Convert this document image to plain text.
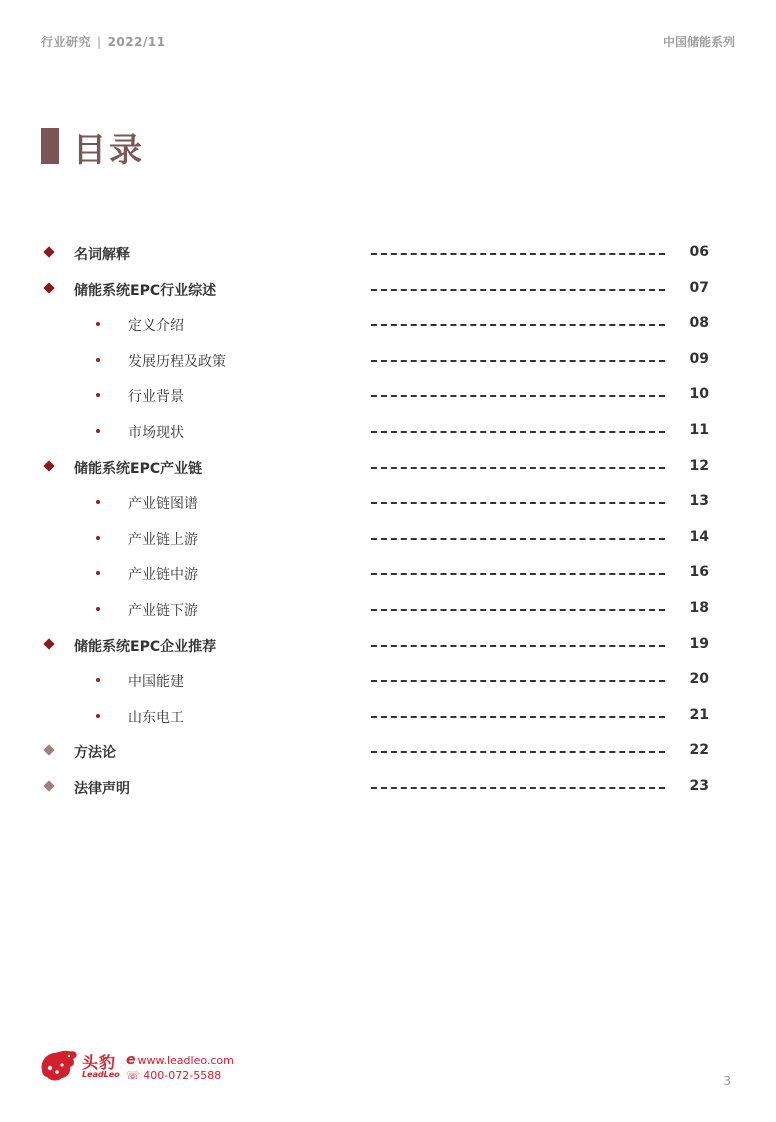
行业研究 | 2022/11	中国储能系列
目录
名词解释	06
储能系统EPC行业综述	07
定义介绍	08
发展历程及政策	09
行业背景	10
市场现状	11
储能系统EPC产业链	12
产业链图谱	13
产业链上游	14
产业链中游	16
产业链下游	18
储能系统EPC企业推荐	19
中国能建	20
山东电工	21
方法论	22
法律声明	23
头豹
LeadLeo
e www.leadleo.com
☏ 400-072-5588	3
